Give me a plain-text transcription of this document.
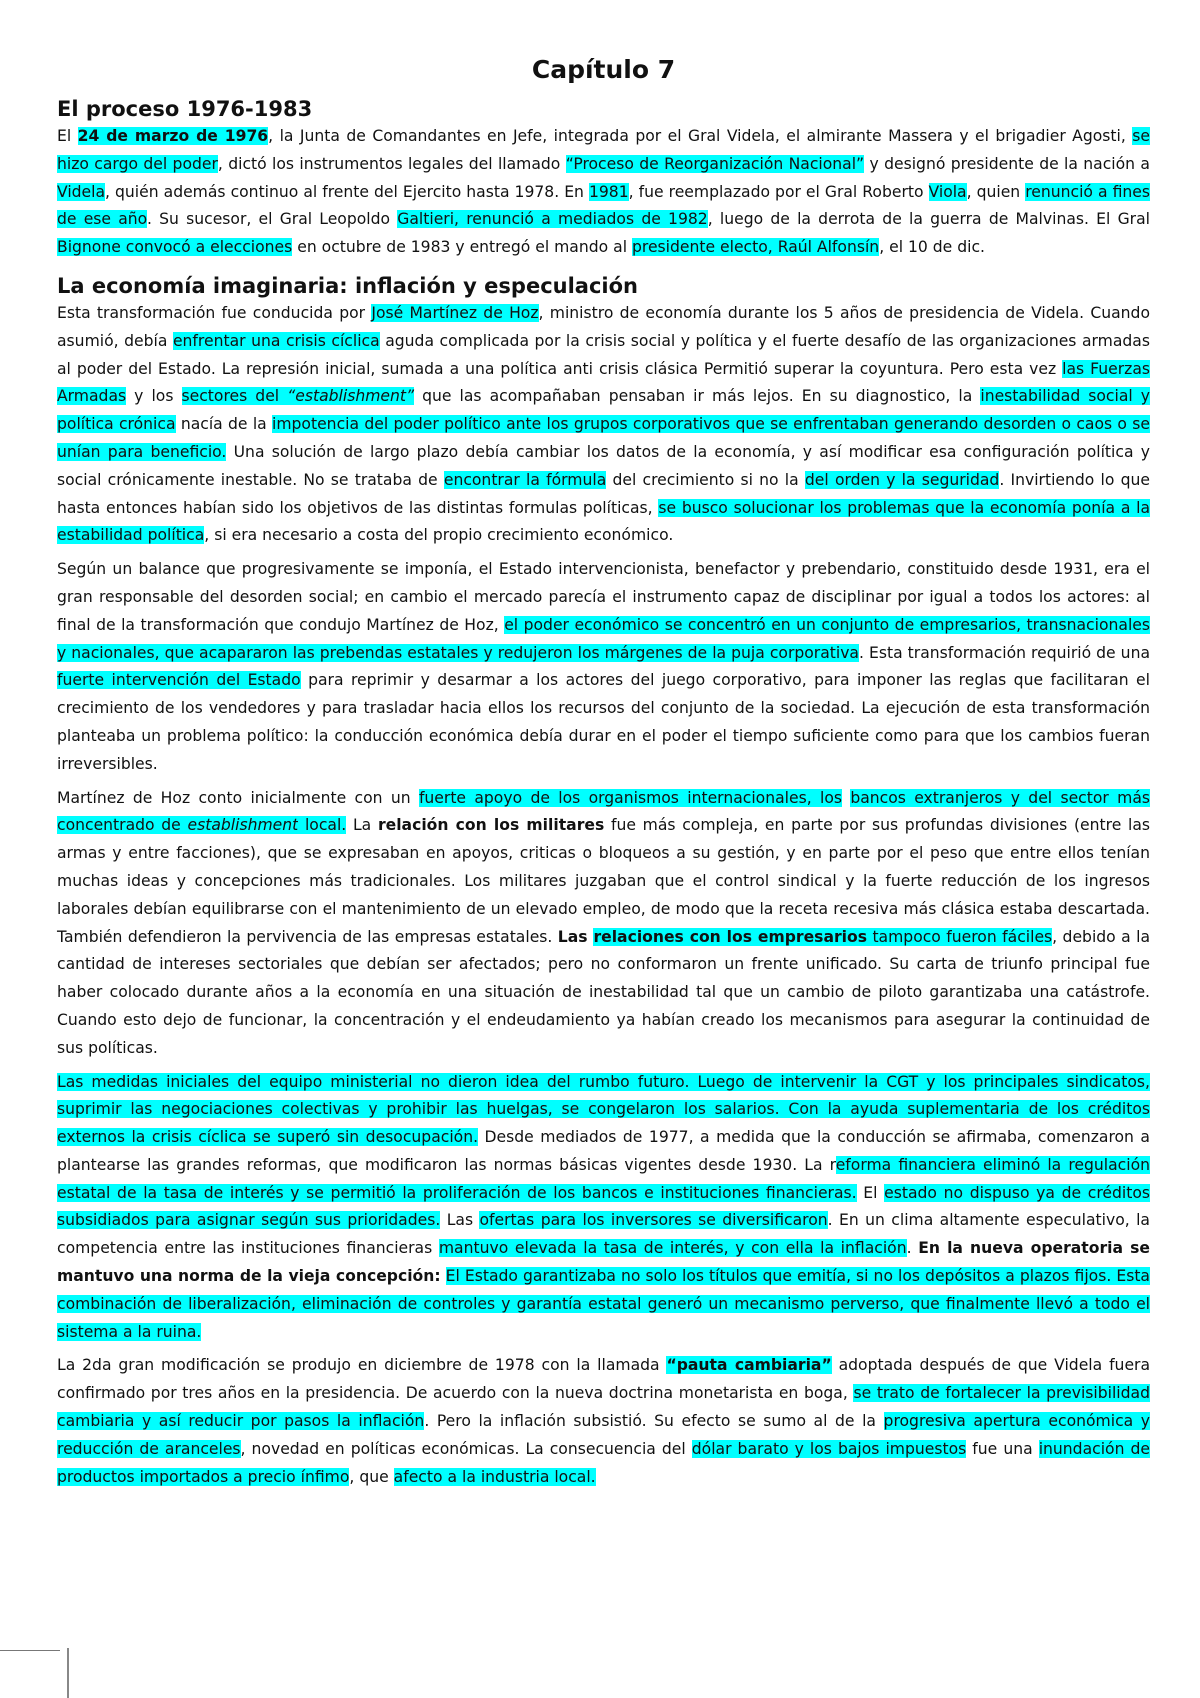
Capítulo 7
El proceso 1976-1983

El 24 de marzo de 1976, la Junta de Comandantes en Jefe, integrada por el Gral Videla, el almirante Massera y el brigadier Agosti, se hizo cargo del poder, dictó los instrumentos legales del llamado “Proceso de Reorganización Nacional” y designó presidente de la nación a Videla, quién además continuo al frente del Ejercito hasta 1978. En 1981, fue reemplazado por el Gral Roberto Viola, quien renunció a fines de ese año. Su sucesor, el Gral Leopoldo Galtieri, renunció a mediados de 1982, luego de la derrota de la guerra de Malvinas. El Gral Bignone convocó a elecciones en octubre de 1983 y entregó el mando al presidente electo, Raúl Alfonsín, el 10 de dic.

La economía imaginaria: inflación y especulación

Esta transformación fue conducida por José Martínez de Hoz, ministro de economía durante los 5 años de presidencia de Videla. Cuando asumió, debía enfrentar una crisis cíclica aguda complicada por la crisis social y política y el fuerte desafío de las organizaciones armadas al poder del Estado. La represión inicial, sumada a una política anti crisis clásica Permitió superar la coyuntura. Pero esta vez las Fuerzas Armadas y los sectores del “establishment” que las acompañaban pensaban ir más lejos. En su diagnostico, la inestabilidad social y política crónica nacía de la impotencia del poder político ante los grupos corporativos que se enfrentaban generando desorden o caos o se unían para beneficio. Una solución de largo plazo debía cambiar los datos de la economía, y así modificar esa configuración política y social crónicamente inestable. No se trataba de encontrar la fórmula del crecimiento si no la del orden y la seguridad. Invirtiendo lo que hasta entonces habían sido los objetivos de las distintas formulas políticas, se busco solucionar los problemas que la economía ponía a la estabilidad política, si era necesario a costa del propio crecimiento económico.

Según un balance que progresivamente se imponía, el Estado intervencionista, benefactor y prebendario, constituido desde 1931, era el gran responsable del desorden social; en cambio el mercado parecía el instrumento capaz de disciplinar por igual a todos los actores: al final de la transformación que condujo Martínez de Hoz, el poder económico se concentró en un conjunto de empresarios, transnacionales y nacionales, que acapararon las prebendas estatales y redujeron los márgenes de la puja corporativa. Esta transformación requirió de una fuerte intervención del Estado para reprimir y desarmar a los actores del juego corporativo, para imponer las reglas que facilitaran el crecimiento de los vendedores y para trasladar hacia ellos los recursos del conjunto de la sociedad. La ejecución de esta transformación planteaba un problema político: la conducción económica debía durar en el poder el tiempo suficiente como para que los cambios fueran irreversibles.

Martínez de Hoz conto inicialmente con un fuerte apoyo de los organismos internacionales, los bancos extranjeros y del sector más concentrado de establishment local. La relación con los militares fue más compleja, en parte por sus profundas divisiones (entre las armas y entre facciones), que se expresaban en apoyos, criticas o bloqueos a su gestión, y en parte por el peso que entre ellos tenían muchas ideas y concepciones más tradicionales. Los militares juzgaban que el control sindical y la fuerte reducción de los ingresos laborales debían equilibrarse con el mantenimiento de un elevado empleo, de modo que la receta recesiva más clásica estaba descartada. También defendieron la pervivencia de las empresas estatales. Las relaciones con los empresarios tampoco fueron fáciles, debido a la cantidad de intereses sectoriales que debían ser afectados; pero no conformaron un frente unificado. Su carta de triunfo principal fue haber colocado durante años a la economía en una situación de inestabilidad tal que un cambio de piloto garantizaba una catástrofe. Cuando esto dejo de funcionar, la concentración y el endeudamiento ya habían creado los mecanismos para asegurar la continuidad de sus políticas.

Las medidas iniciales del equipo ministerial no dieron idea del rumbo futuro. Luego de intervenir la CGT y los principales sindicatos, suprimir las negociaciones colectivas y prohibir las huelgas, se congelaron los salarios. Con la ayuda suplementaria de los créditos externos la crisis cíclica se superó sin desocupación. Desde mediados de 1977, a medida que la conducción se afirmaba, comenzaron a plantearse las grandes reformas, que modificaron las normas básicas vigentes desde 1930. La reforma financiera eliminó la regulación estatal de la tasa de interés y se permitió la proliferación de los bancos e instituciones financieras. El estado no dispuso ya de créditos subsidiados para asignar según sus prioridades. Las ofertas para los inversores se diversificaron. En un clima altamente especulativo, la competencia entre las instituciones financieras mantuvo elevada la tasa de interés, y con ella la inflación. En la nueva operatoria se mantuvo una norma de la vieja concepción: El Estado garantizaba no solo los títulos que emitía, si no los depósitos a plazos fijos. Esta combinación de liberalización, eliminación de controles y garantía estatal generó un mecanismo perverso, que finalmente llevó a todo el sistema a la ruina.

La 2da gran modificación se produjo en diciembre de 1978 con la llamada “pauta cambiaria” adoptada después de que Videla fuera confirmado por tres años en la presidencia. De acuerdo con la nueva doctrina monetarista en boga, se trato de fortalecer la previsibilidad cambiaria y así reducir por pasos la inflación. Pero la inflación subsistió. Su efecto se sumo al de la progresiva apertura económica y reducción de aranceles, novedad en políticas económicas. La consecuencia del dólar barato y los bajos impuestos fue una inundación de productos importados a precio ínfimo, que afecto a la industria local.
